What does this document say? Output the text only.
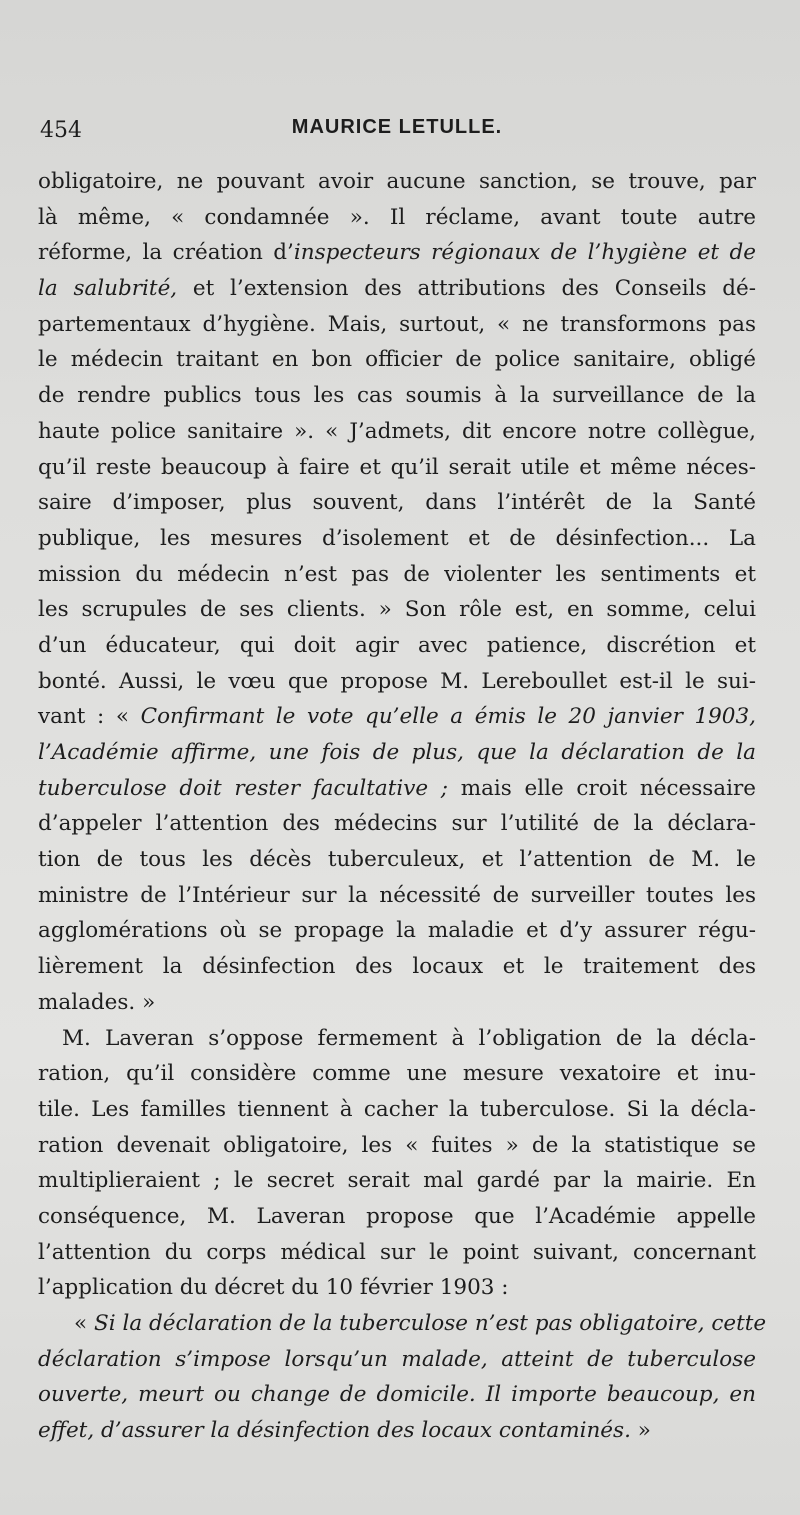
454	MAURICE LETULLE.
obligatoire, ne pouvant avoir aucune sanction, se trouve, par
là même, « condamnée ». Il réclame, avant toute autre
réforme, la création d’inspecteurs régionaux de l’hygiène et de
la salubrité, et l’extension des attributions des Conseils dé-
partementaux d’hygiène. Mais, surtout, « ne transformons pas
le médecin traitant en bon officier de police sanitaire, obligé
de rendre publics tous les cas soumis à la surveillance de la
haute police sanitaire ». « J’admets, dit encore notre collègue,
qu’il reste beaucoup à faire et qu’il serait utile et même néces-
saire d’imposer, plus souvent, dans l’intérêt de la Santé
publique, les mesures d’isolement et de désinfection... La
mission du médecin n’est pas de violenter les sentiments et
les scrupules de ses clients. » Son rôle est, en somme, celui
d’un éducateur, qui doit agir avec patience, discrétion et
bonté. Aussi, le vœu que propose M. Lereboullet est-il le sui-
vant : « Confirmant le vote qu’elle a émis le 20 janvier 1903,
l’Académie affirme, une fois de plus, que la déclaration de la
tuberculose doit rester facultative ; mais elle croit nécessaire
d’appeler l’attention des médecins sur l’utilité de la déclara-
tion de tous les décès tuberculeux, et l’attention de M. le
ministre de l’Intérieur sur la nécessité de surveiller toutes les
agglomérations où se propage la maladie et d’y assurer régu-
lièrement la désinfection des locaux et le traitement des
malades. »
M. Laveran s’oppose fermement à l’obligation de la décla-
ration, qu’il considère comme une mesure vexatoire et inu-
tile. Les familles tiennent à cacher la tuberculose. Si la décla-
ration devenait obligatoire, les « fuites » de la statistique se
multiplieraient ; le secret serait mal gardé par la mairie. En
conséquence, M. Laveran propose que l’Académie appelle
l’attention du corps médical sur le point suivant, concernant
l’application du décret du 10 février 1903 :
« Si la déclaration de la tuberculose n’est pas obligatoire, cette
déclaration s’impose lorsqu’un malade, atteint de tuberculose
ouverte, meurt ou change de domicile. Il importe beaucoup, en
effet, d’assurer la désinfection des locaux contaminés. »
